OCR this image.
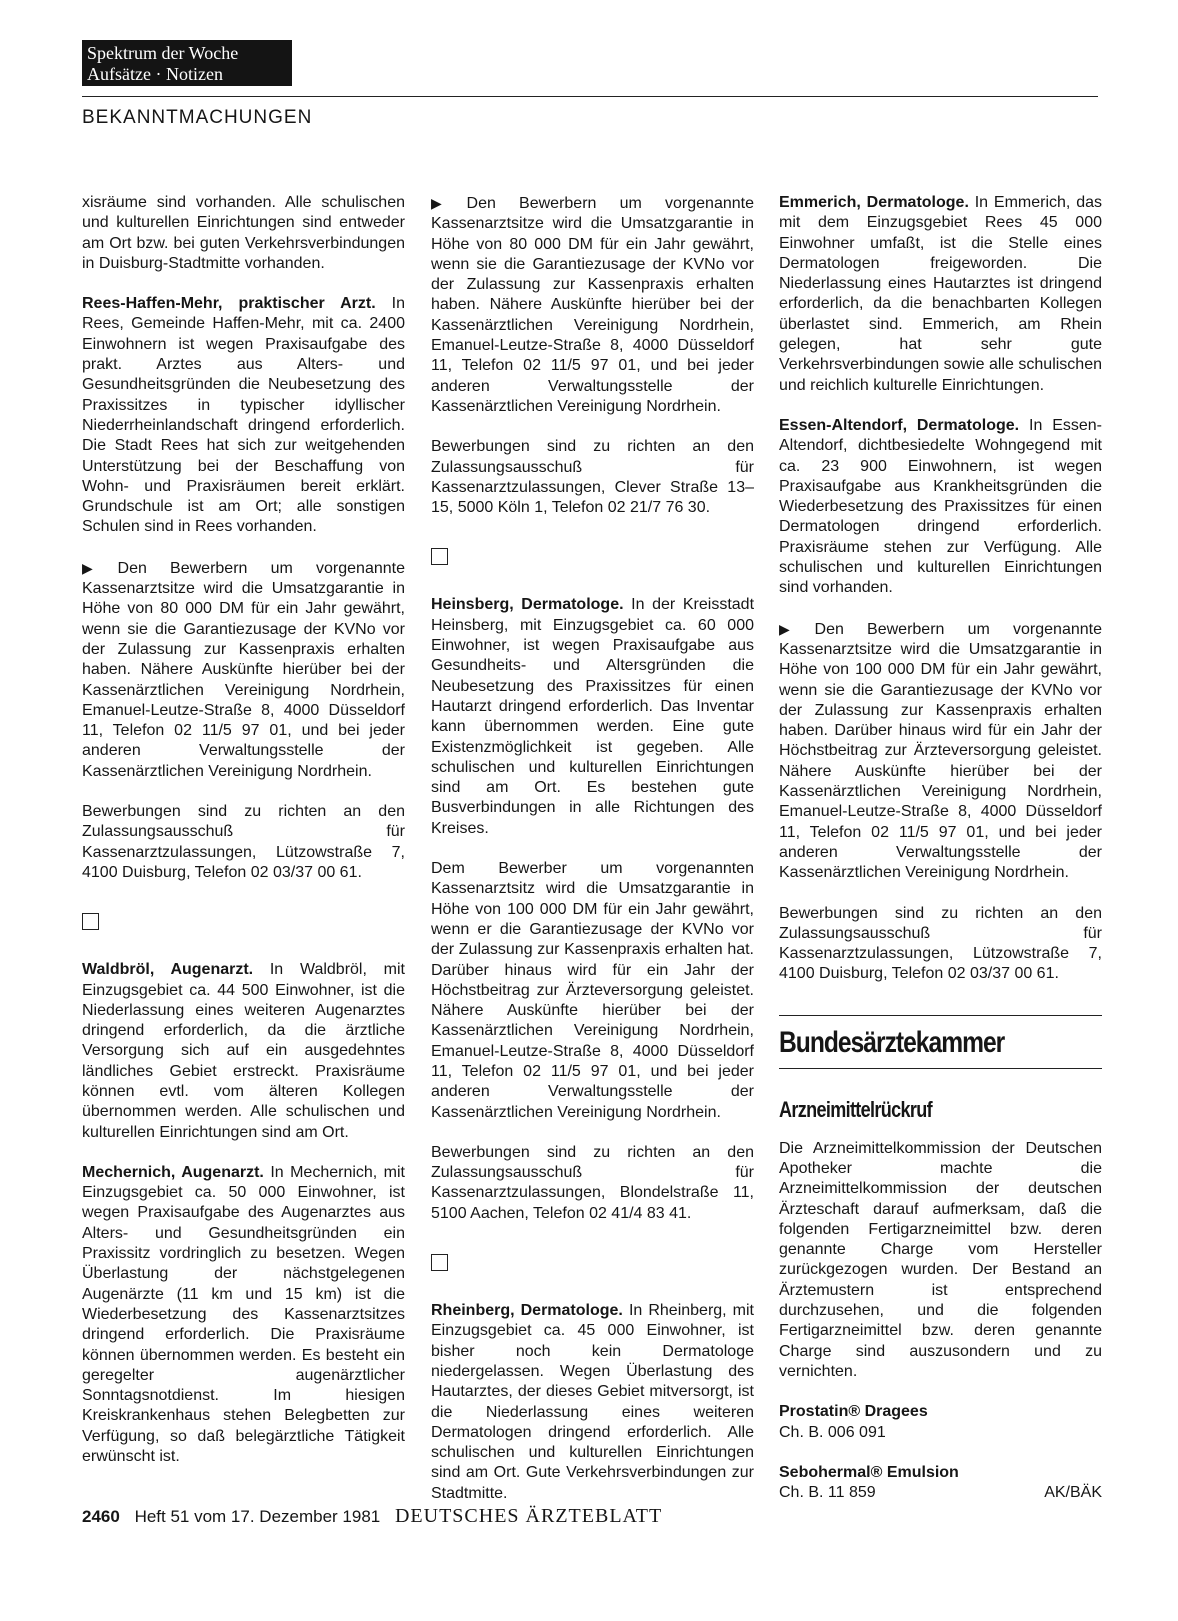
Spektrum der Woche
Aufsätze · Notizen
BEKANNTMACHUNGEN

xisräume sind vorhanden. Alle schulischen und kulturellen Einrichtungen sind entweder am Ort bzw. bei guten Verkehrsverbindungen in Duisburg-Stadtmitte vorhanden.

Rees-Haffen-Mehr, praktischer Arzt. In Rees, Gemeinde Haffen-Mehr, mit ca. 2400 Einwohnern ist wegen Praxisaufgabe des prakt. Arztes aus Alters- und Gesundheitsgründen die Neubesetzung des Praxissitzes in typischer idyllischer Niederrheinlandschaft dringend erforderlich. Die Stadt Rees hat sich zur weitgehenden Unterstützung bei der Beschaffung von Wohn- und Praxisräumen bereit erklärt. Grundschule ist am Ort; alle sonstigen Schulen sind in Rees vorhanden.

▶ Den Bewerbern um vorgenannte Kassenarztsitze wird die Umsatzgarantie in Höhe von 80 000 DM für ein Jahr gewährt, wenn sie die Garantiezusage der KVNo vor der Zulassung zur Kassenpraxis erhalten haben. Nähere Auskünfte hierüber bei der Kassenärztlichen Vereinigung Nordrhein, Emanuel-Leutze-Straße 8, 4000 Düsseldorf 11, Telefon 02 11/5 97 01, und bei jeder anderen Verwaltungsstelle der Kassenärztlichen Vereinigung Nordrhein.

Bewerbungen sind zu richten an den Zulassungsausschuß für Kassenarztzulassungen, Lützowstraße 7, 4100 Duisburg, Telefon 02 03/37 00 61.

Waldbröl, Augenarzt. In Waldbröl, mit Einzugsgebiet ca. 44 500 Einwohner, ist die Niederlassung eines weiteren Augenarztes dringend erforderlich, da die ärztliche Versorgung sich auf ein ausgedehntes ländliches Gebiet erstreckt. Praxisräume können evtl. vom älteren Kollegen übernommen werden. Alle schulischen und kulturellen Einrichtungen sind am Ort.

Mechernich, Augenarzt. In Mechernich, mit Einzugsgebiet ca. 50 000 Einwohner, ist wegen Praxisaufgabe des Augenarztes aus Alters- und Gesundheitsgründen ein Praxissitz vordringlich zu besetzen. Wegen Überlastung der nächstgelegenen Augenärzte (11 km und 15 km) ist die Wiederbesetzung des Kassenarztsitzes dringend erforderlich. Die Praxisräume können übernommen werden. Es besteht ein geregelter augenärztlicher Sonntagsnotdienst. Im hiesigen Kreiskrankenhaus stehen Belegbetten zur Verfügung, so daß belegärztliche Tätigkeit erwünscht ist.

▶ Den Bewerbern um vorgenannte Kassenarztsitze wird die Umsatzgarantie in Höhe von 80 000 DM für ein Jahr gewährt, wenn sie die Garantiezusage der KVNo vor der Zulassung zur Kassenpraxis erhalten haben. Nähere Auskünfte hierüber bei der Kassenärztlichen Vereinigung Nordrhein, Emanuel-Leutze-Straße 8, 4000 Düsseldorf 11, Telefon 02 11/5 97 01, und bei jeder anderen Verwaltungsstelle der Kassenärztlichen Vereinigung Nordrhein.

Bewerbungen sind zu richten an den Zulassungsausschuß für Kassenarztzulassungen, Clever Straße 13–15, 5000 Köln 1, Telefon 02 21/7 76 30.

Heinsberg, Dermatologe. In der Kreisstadt Heinsberg, mit Einzugsgebiet ca. 60 000 Einwohner, ist wegen Praxisaufgabe aus Gesundheits- und Altersgründen die Neubesetzung des Praxissitzes für einen Hautarzt dringend erforderlich. Das Inventar kann übernommen werden. Eine gute Existenzmöglichkeit ist gegeben. Alle schulischen und kulturellen Einrichtungen sind am Ort. Es bestehen gute Busverbindungen in alle Richtungen des Kreises.

Dem Bewerber um vorgenannten Kassenarztsitz wird die Umsatzgarantie in Höhe von 100 000 DM für ein Jahr gewährt, wenn er die Garantiezusage der KVNo vor der Zulassung zur Kassenpraxis erhalten hat. Darüber hinaus wird für ein Jahr der Höchstbeitrag zur Ärzteversorgung geleistet. Nähere Auskünfte hierüber bei der Kassenärztlichen Vereinigung Nordrhein, Emanuel-Leutze-Straße 8, 4000 Düsseldorf 11, Telefon 02 11/5 97 01, und bei jeder anderen Verwaltungsstelle der Kassenärztlichen Vereinigung Nordrhein.

Bewerbungen sind zu richten an den Zulassungsausschuß für Kassenarztzulassungen, Blondelstraße 11, 5100 Aachen, Telefon 02 41/4 83 41.

Rheinberg, Dermatologe. In Rheinberg, mit Einzugsgebiet ca. 45 000 Einwohner, ist bisher noch kein Dermatologe niedergelassen. Wegen Überlastung des Hautarztes, der dieses Gebiet mitversorgt, ist die Niederlassung eines weiteren Dermatologen dringend erforderlich. Alle schulischen und kulturellen Einrichtungen sind am Ort. Gute Verkehrsverbindungen zur Stadtmitte.

Emmerich, Dermatologe. In Emmerich, das mit dem Einzugsgebiet Rees 45 000 Einwohner umfaßt, ist die Stelle eines Dermatologen freigeworden. Die Niederlassung eines Hautarztes ist dringend erforderlich, da die benachbarten Kollegen überlastet sind. Emmerich, am Rhein gelegen, hat sehr gute Verkehrsverbindungen sowie alle schulischen und reichlich kulturelle Einrichtungen.

Essen-Altendorf, Dermatologe. In Essen-Altendorf, dichtbesiedelte Wohngegend mit ca. 23 900 Einwohnern, ist wegen Praxisaufgabe aus Krankheitsgründen die Wiederbesetzung des Praxissitzes für einen Dermatologen dringend erforderlich. Praxisräume stehen zur Verfügung. Alle schulischen und kulturellen Einrichtungen sind vorhanden.

▶ Den Bewerbern um vorgenannte Kassenarztsitze wird die Umsatzgarantie in Höhe von 100 000 DM für ein Jahr gewährt, wenn sie die Garantiezusage der KVNo vor der Zulassung zur Kassenpraxis erhalten haben. Darüber hinaus wird für ein Jahr der Höchstbeitrag zur Ärzteversorgung geleistet. Nähere Auskünfte hierüber bei der Kassenärztlichen Vereinigung Nordrhein, Emanuel-Leutze-Straße 8, 4000 Düsseldorf 11, Telefon 02 11/5 97 01, und bei jeder anderen Verwaltungsstelle der Kassenärztlichen Vereinigung Nordrhein.

Bewerbungen sind zu richten an den Zulassungsausschuß für Kassenarztzulassungen, Lützowstraße 7, 4100 Duisburg, Telefon 02 03/37 00 61.

Bundesärztekammer
Arzneimittelrückruf

Die Arzneimittelkommission der Deutschen Apotheker machte die Arzneimittelkommission der deutschen Ärzteschaft darauf aufmerksam, daß die folgenden Fertigarzneimittel bzw. deren genannte Charge vom Hersteller zurückgezogen wurden. Der Bestand an Ärztemustern ist entsprechend durchzusehen, und die folgenden Fertigarzneimittel bzw. deren genannte Charge sind auszusondern und zu vernichten.

Prostatin® Dragees
Ch. B. 006 091
Sebohermal® Emulsion
Ch. B. 11 859	AK/BÄK
2460 Heft 51 vom 17. Dezember 1981 DEUTSCHES ÄRZTEBLATT
